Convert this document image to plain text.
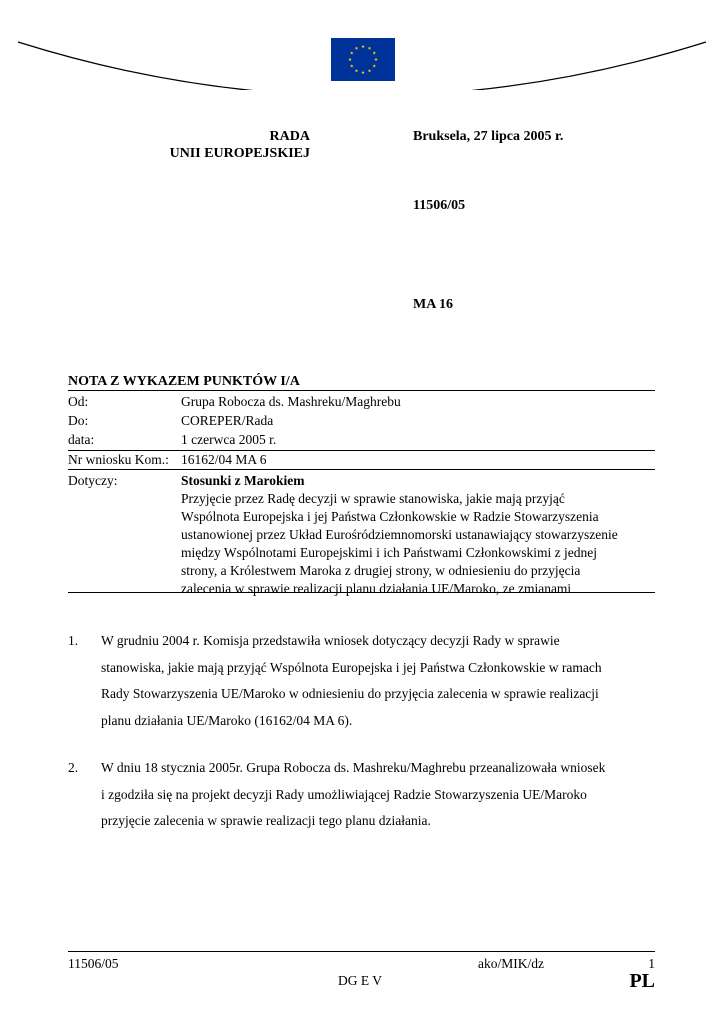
RADA
UNII EUROPEJSKIEJ
Bruksela, 27 lipca 2005 r.
11506/05
MA 16
NOTA Z WYKAZEM PUNKTÓW I/A
Od:	Grupa Robocza ds. Mashreku/Maghrebu
Do:	COREPER/Rada
data:	1 czerwca 2005 r.
Nr wniosku Kom.: 16162/04 MA 6
Dotyczy:	Stosunki z Marokiem
Przyjęcie przez Radę decyzji w sprawie stanowiska, jakie mają przyjąć
Wspólnota Europejska i jej Państwa Członkowskie w Radzie Stowarzyszenia
ustanowionej przez Układ Eurośródziemnomorski ustanawiający stowarzyszenie
między Wspólnotami Europejskimi i ich Państwami Członkowskimi z jednej
strony, a Królestwem Maroka z drugiej strony, w odniesieniu do przyjęcia
zalecenia w sprawie realizacji planu działania UE/Maroko, ze zmianami
1. W grudniu 2004 r. Komisja przedstawiła wniosek dotyczący decyzji Rady w sprawie
stanowiska, jakie mają przyjąć Wspólnota Europejska i jej Państwa Członkowskie w ramach
Rady Stowarzyszenia UE/Maroko w odniesieniu do przyjęcia zalecenia w sprawie realizacji
planu działania UE/Maroko (16162/04 MA 6).
2. W dniu 18 stycznia 2005r. Grupa Robocza ds. Mashreku/Maghrebu przeanalizowała wniosek
i zgodziła się na projekt decyzji Rady umożliwiającej Radzie Stowarzyszenia UE/Maroko
przyjęcie zalecenia w sprawie realizacji tego planu działania.
11506/05	ako/MIK/dz	1
DG E V	PL
